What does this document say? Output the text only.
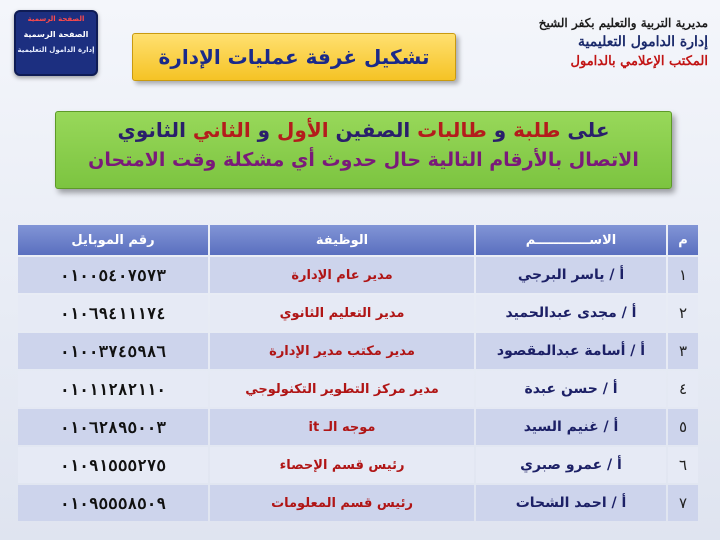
الصفحة الرسمية
الصفحة الرسمية
إدارة الدامول التعليمية
مديرية التربية والتعليم بكفر الشيخ
إدارة الدامول التعليمية
المكتب الإعلامي بالدامول
تشكيل غرفة عمليات الإدارة
على طلبة و طالبات الصفين الأول و الثاني الثانوي
الاتصال بالأرقام التالية حال حدوث أي مشكلة وقت الامتحان
م
الاســــــــــــم
الوظيفة
رقم الموبايل
١
أ / ياسر البرجي
مدير عام الإدارة
٠١٠٠٥٤٠٧٥٧٣
٢
أ / مجدى عبدالحميد
مدير التعليم الثانوي
٠١٠٦٩٤١١١٧٤
٣
أ / أسامة عبدالمقصود
مدير مكتب مدير الإدارة
٠١٠٠٣٧٤٥٩٨٦
٤
أ / حسن عبدة
مدير مركز التطوير التكنولوجي
٠١٠١١٢٨٢١١٠
٥
أ / غنيم السيد
موجه الـ it
٠١٠٦٢٨٩٥٠٠٣
٦
أ / عمرو صبري
رئيس قسم الإحصاء
٠١٠٩١٥٥٥٢٧٥
٧
أ / احمد الشحات
رئيس قسم المعلومات
٠١٠٩٥٥٥٨٥٠٩
